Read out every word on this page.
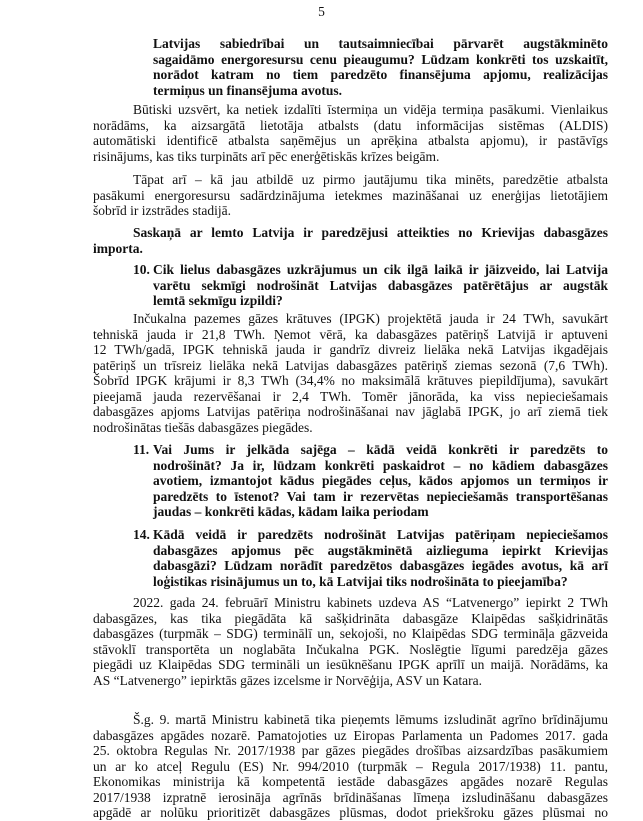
5
Latvijas sabiedrībai un tautsaimniecībai pārvarēt augstākminēto
sagaidāmo energoresursu cenu pieaugumu? Lūdzam konkrēti tos uzskaitīt,
norādot katram no tiem paredzēto finansējuma apjomu, realizācijas
termiņus un finansējuma avotus.
Būtiski uzsvērt, ka netiek izdalīti īstermiņa un vidēja termiņa pasākumi. Vienlaikus
norādāms, ka aizsargātā lietotāja atbalsts (datu informācijas sistēmas (ALDIS)
automātiski identificē atbalsta saņēmējus un aprēķina atbalsta apjomu), ir pastāvīgs
risinājums, kas tiks turpināts arī pēc enerģētiskās krīzes beigām.
Tāpat arī – kā jau atbildē uz pirmo jautājumu tika minēts, paredzētie atbalsta
pasākumi energoresursu sadārdzinājuma ietekmes mazināšanai uz enerģijas lietotājiem
šobrīd ir izstrādes stadijā.
Saskaņā ar lemto Latvija ir paredzējusi atteikties no Krievijas dabasgāzes
importa.
10. Cik lielus dabasgāzes uzkrājumus un cik ilgā laikā ir jāizveido, lai Latvija
varētu sekmīgi nodrošināt Latvijas dabasgāzes patērētājus ar augstāk
lemtā sekmīgu izpildi?
Inčukalna pazemes gāzes krātuves (IPGK) projektētā jauda ir 24 TWh, savukārt
tehniskā jauda ir 21,8 TWh. Ņemot vērā, ka dabasgāzes patēriņš Latvijā ir aptuveni
12 TWh/gadā, IPGK tehniskā jauda ir gandrīz divreiz lielāka nekā Latvijas ikgadējais
patēriņš un trīsreiz lielāka nekā Latvijas dabasgāzes patēriņš ziemas sezonā (7,6 TWh).
Šobrīd IPGK krājumi ir 8,3 TWh (34,4% no maksimālā krātuves piepildījuma), savukārt
pieejamā jauda rezervēšanai ir 2,4 TWh. Tomēr jānorāda, ka viss nepieciešamais
dabasgāzes apjoms Latvijas patēriņa nodrošināšanai nav jāglabā IPGK, jo arī ziemā tiek
nodrošinātas tiešās dabasgāzes piegādes.
11. Vai Jums ir jelkāda sajēga – kādā veidā konkrēti ir paredzēts to
nodrošināt? Ja ir, lūdzam konkrēti paskaidrot – no kādiem dabasgāzes
avotiem, izmantojot kādus piegādes ceļus, kādos apjomos un termiņos ir
paredzēts to īstenot? Vai tam ir rezervētas nepieciešamās transportēšanas
jaudas – konkrēti kādas, kādam laika periodam
14. Kādā veidā ir paredzēts nodrošināt Latvijas patēriņam nepieciešamos
dabasgāzes apjomus pēc augstākminētā aizlieguma iepirkt Krievijas
dabasgāzi? Lūdzam norādīt paredzētos dabasgāzes iegādes avotus, kā arī
loģistikas risinājumus un to, kā Latvijai tiks nodrošināta to pieejamība?
2022. gada 24. februārī Ministru kabinets uzdeva AS “Latvenergo” iepirkt 2 TWh
dabasgāzes, kas tika piegādāta kā sašķidrināta dabasgāze Klaipēdas sašķidrinātās
dabasgāzes (turpmāk – SDG) terminālī un, sekojoši, no Klaipēdas SDG termināļa gāzveida
stāvoklī transportēta un noglabāta Inčukalna PGK. Noslēgtie līgumi paredzēja gāzes
piegādi uz Klaipēdas SDG termināli un iesūknēšanu IPGK aprīlī un maijā. Norādāms, ka
AS “Latvenergo” iepirktās gāzes izcelsme ir Norvēģija, ASV un Katara.
Š.g. 9. martā Ministru kabinetā tika pieņemts lēmums izsludināt agrīno brīdinājumu
dabasgāzes apgādes nozarē. Pamatojoties uz Eiropas Parlamenta un Padomes 2017. gada
25. oktobra Regulas Nr. 2017/1938 par gāzes piegādes drošības aizsardzības pasākumiem
un ar ko atceļ Regulu (ES) Nr. 994/2010 (turpmāk – Regula 2017/1938) 11. pantu,
Ekonomikas ministrija kā kompetentā iestāde dabasgāzes apgādes nozarē Regulas
2017/1938 izpratnē ierosināja agrīnās brīdināšanas līmeņa izsludināšanu dabasgāzes
apgādē ar nolūku prioritizēt dabasgāzes plūsmas, dodot priekšroku gāzes plūsmai no
